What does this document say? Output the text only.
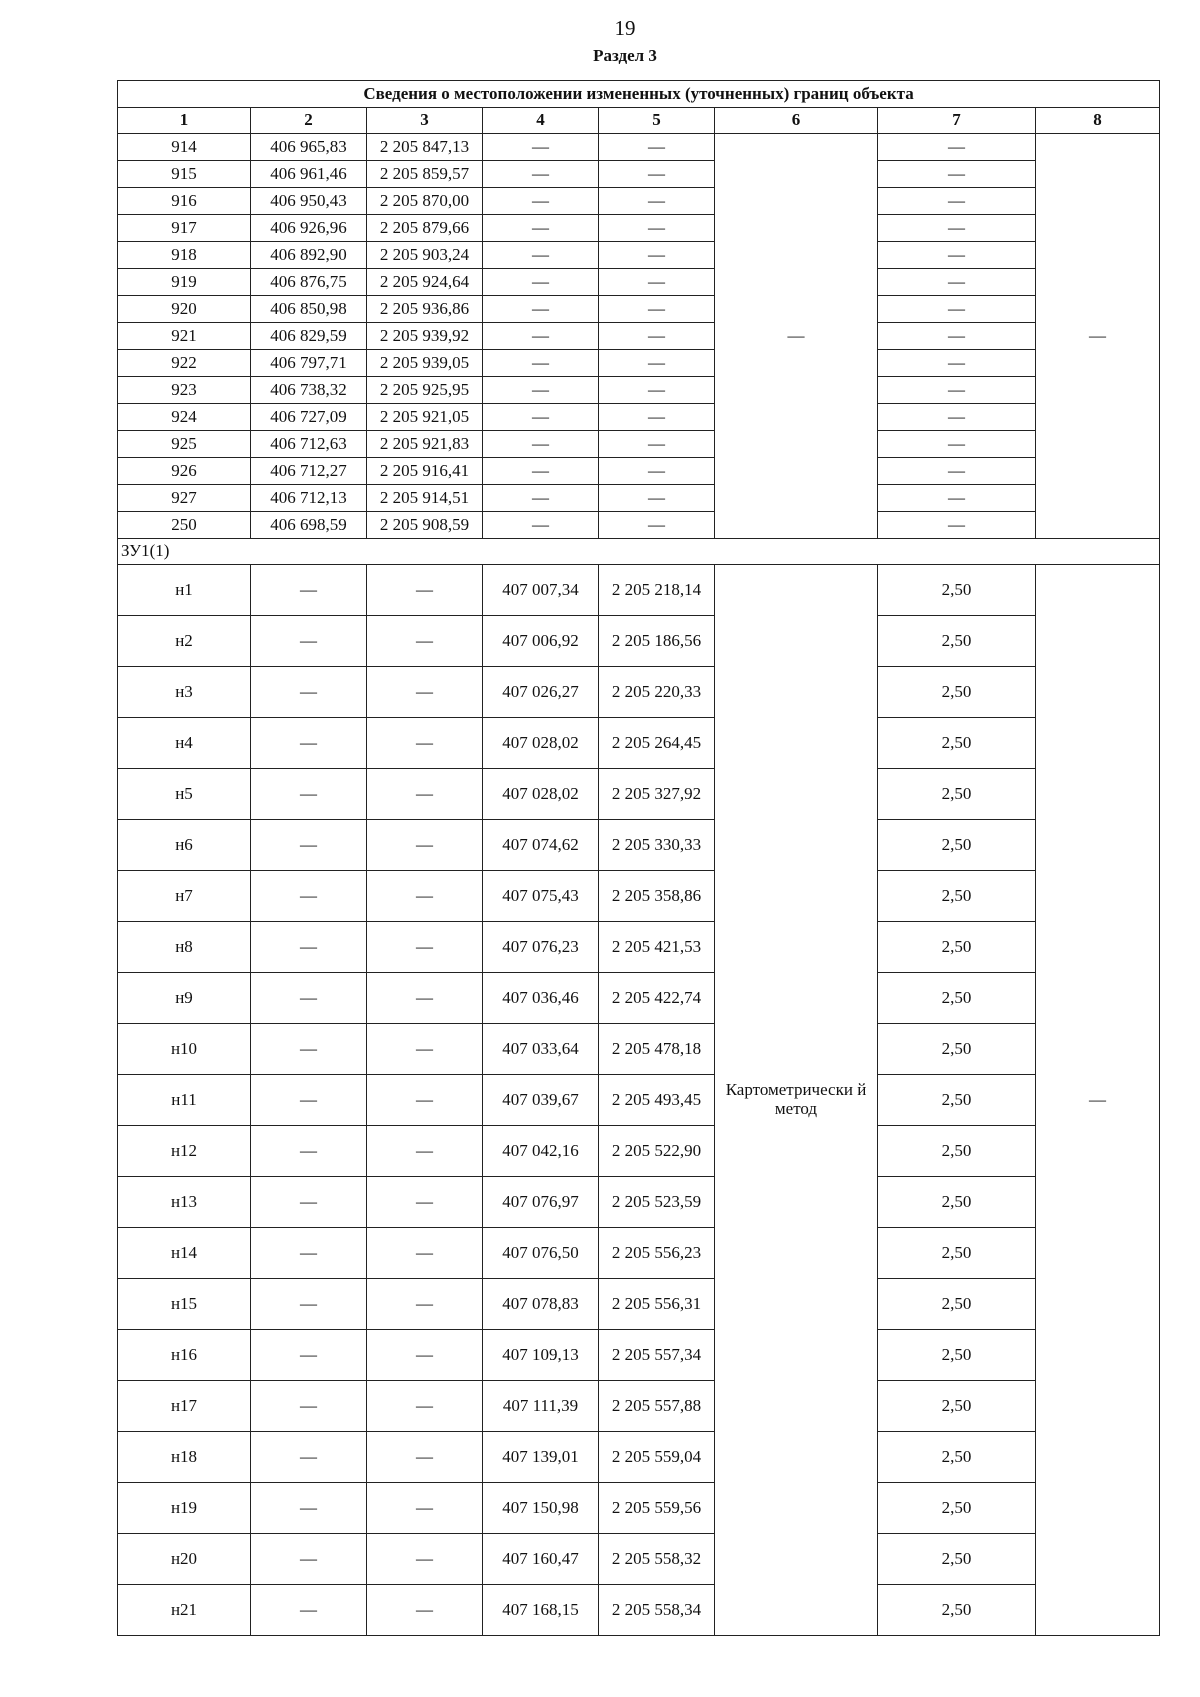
19
Раздел 3
Сведения о местоположении измененных (уточненных) границ объекта							
1	2	3	4	5	6	7	8
914	406 965,83	2 205 847,13	—	—	—	—	—
915	406 961,46	2 205 859,57	—	—		—	
916	406 950,43	2 205 870,00	—	—		—	
917	406 926,96	2 205 879,66	—	—		—	
918	406 892,90	2 205 903,24	—	—		—	
919	406 876,75	2 205 924,64	—	—		—	
920	406 850,98	2 205 936,86	—	—		—	
921	406 829,59	2 205 939,92	—	—		—	
922	406 797,71	2 205 939,05	—	—		—	
923	406 738,32	2 205 925,95	—	—		—	
924	406 727,09	2 205 921,05	—	—		—	
925	406 712,63	2 205 921,83	—	—		—	
926	406 712,27	2 205 916,41	—	—		—	
927	406 712,13	2 205 914,51	—	—		—	
250	406 698,59	2 205 908,59	—	—		—	
ЗУ1(1)							
н1	—	—	407 007,34	2 205 218,14	Картометрически й метод	2,50	—
н2	—	—	407 006,92	2 205 186,56		2,50	
н3	—	—	407 026,27	2 205 220,33		2,50	
н4	—	—	407 028,02	2 205 264,45		2,50	
н5	—	—	407 028,02	2 205 327,92		2,50	
н6	—	—	407 074,62	2 205 330,33		2,50	
н7	—	—	407 075,43	2 205 358,86		2,50	
н8	—	—	407 076,23	2 205 421,53		2,50	
н9	—	—	407 036,46	2 205 422,74		2,50	
н10	—	—	407 033,64	2 205 478,18		2,50	
н11	—	—	407 039,67	2 205 493,45		2,50	
н12	—	—	407 042,16	2 205 522,90		2,50	
н13	—	—	407 076,97	2 205 523,59		2,50	
н14	—	—	407 076,50	2 205 556,23		2,50	
н15	—	—	407 078,83	2 205 556,31		2,50	
н16	—	—	407 109,13	2 205 557,34		2,50	
н17	—	—	407 111,39	2 205 557,88		2,50	
н18	—	—	407 139,01	2 205 559,04		2,50	
н19	—	—	407 150,98	2 205 559,56		2,50	
н20	—	—	407 160,47	2 205 558,32		2,50	
н21	—	—	407 168,15	2 205 558,34		2,50	
